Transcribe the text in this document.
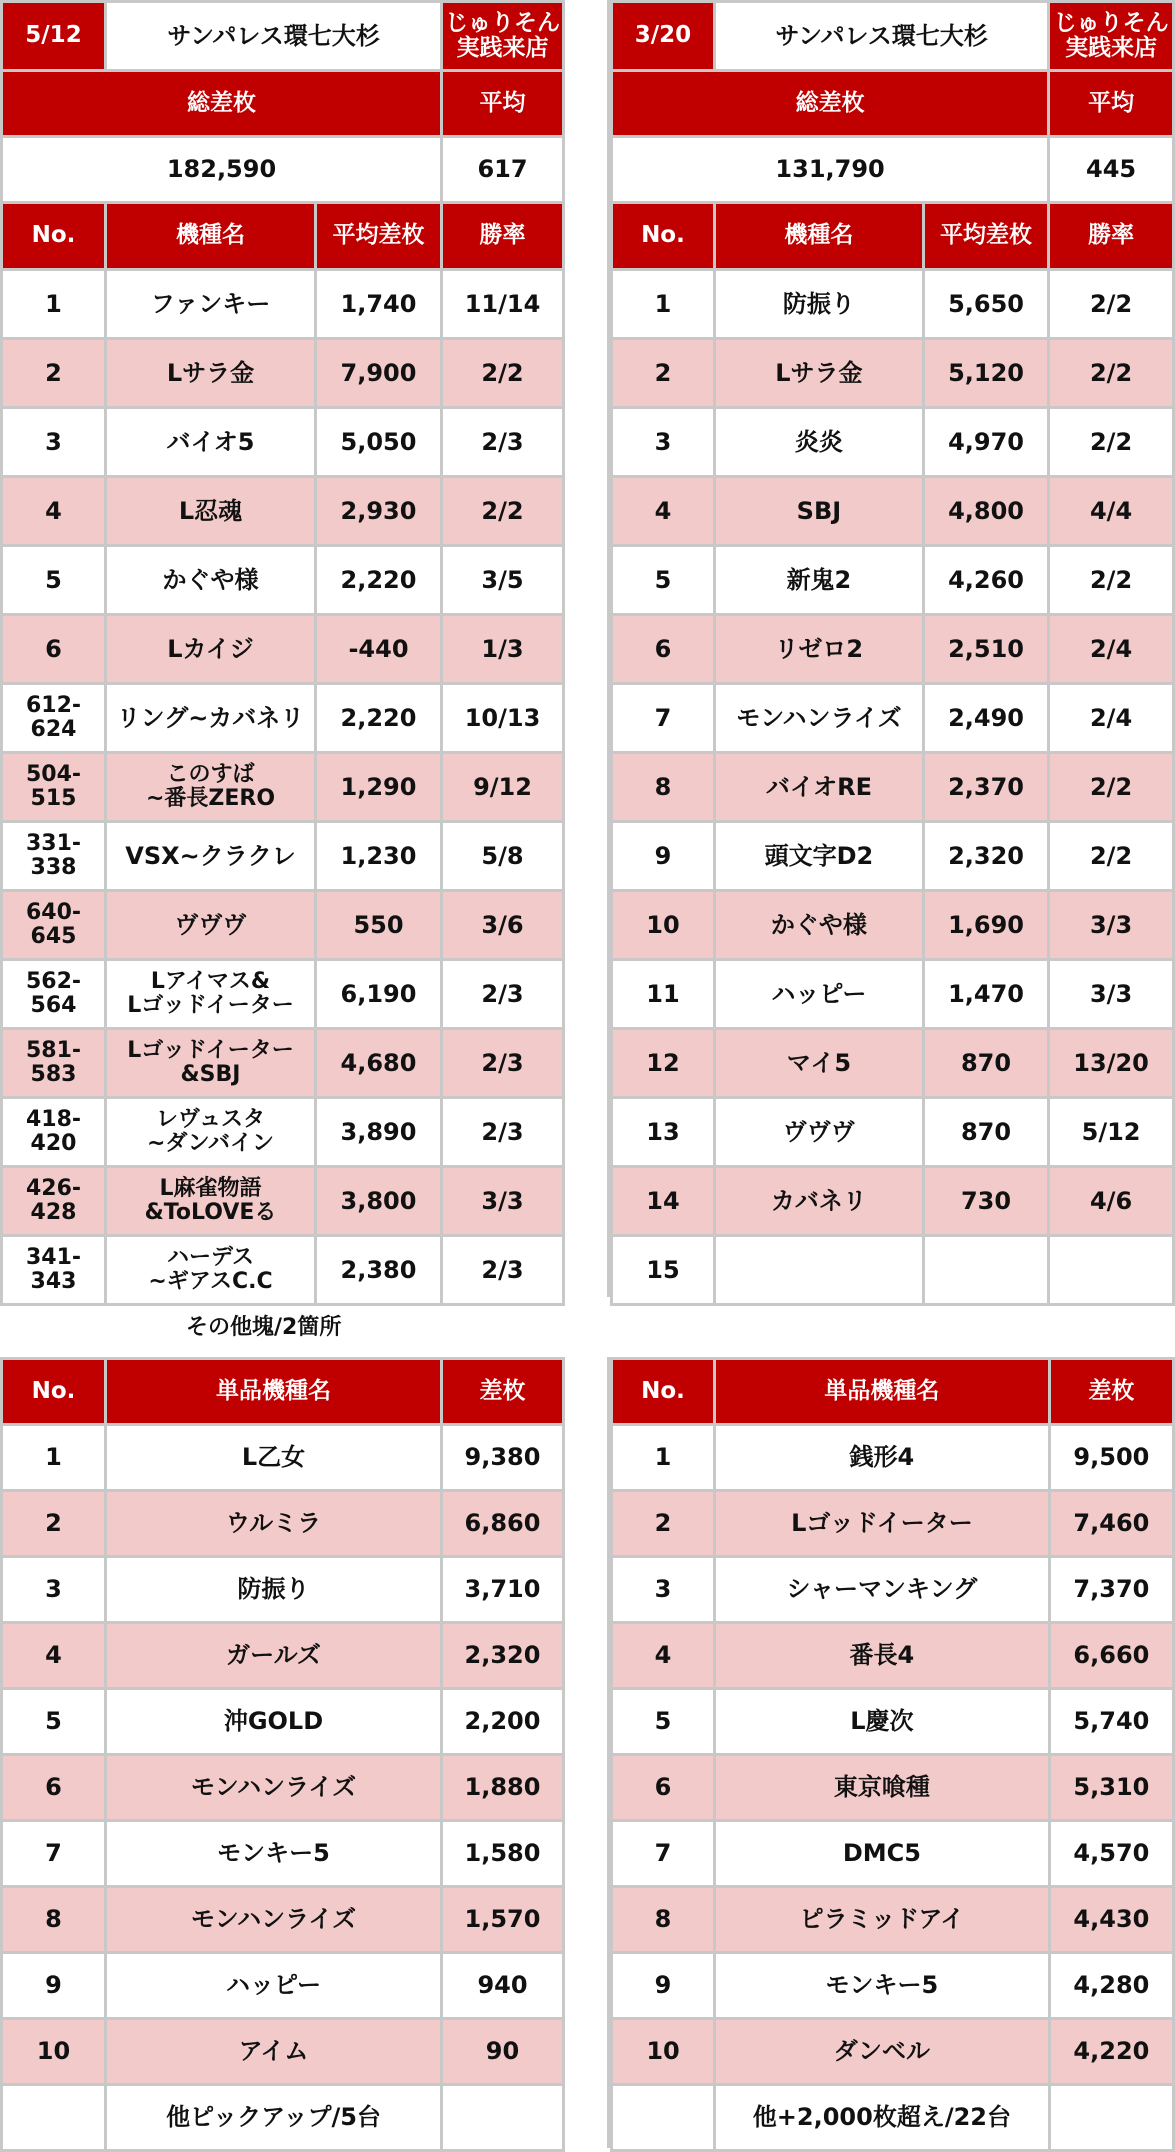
5/12	サンパレス環七大杉		じゅりそん
実践来店

総差枚			平均
182,590			617
No.	機種名	平均差枚	勝率
1	ファンキー	1,740	11/14
2	Lサラ金	7,900	2/2
3	バイオ5	5,050	2/3
4	L忍魂	2,930	2/2
5	かぐや様	2,220	3/5
6	Lカイジ	-440	1/3

612-
624	リング~カバネリ	2,220	10/13

504-
515	このすば
~番長ZERO	1,290	9/12

331-
338	VSX~クラクレ	1,230	5/8

640-
645	ヴヴヴ	550	3/6

562-
564	Lアイマス&
Lゴッドイーター	6,190	2/3

581-
583	Lゴッドイーター
&SBJ	4,680	2/3

418-
420	レヴュスタ
~ダンバイン	3,890	2/3

426-
428	L麻雀物語
&ToLOVEる	3,800	3/3

341-
343	ハーデス
~ギアスC.C	2,380	2/3
3/20	サンパレス環七大杉		じゅりそん
実践来店

総差枚			平均
131,790			445
No.	機種名	平均差枚	勝率
1	防振り	5,650	2/2
2	Lサラ金	5,120	2/2
3	炎炎	4,970	2/2
4	SBJ	4,800	4/4
5	新鬼2	4,260	2/2
6	リゼロ2	2,510	2/4
7	モンハンライズ	2,490	2/4
8	バイオRE	2,370	2/2
9	頭文字D2	2,320	2/2
10	かぐや様	1,690	3/3
11	ハッピー	1,470	3/3
12	マイ5	870	13/20
13	ヴヴヴ	870	5/12
14	カバネリ	730	4/6
15			
その他塊/2箇所
No.	単品機種名	差枚
1	L乙女	9,380
2	ウルミラ	6,860
3	防振り	3,710
4	ガールズ	2,320
5	沖GOLD	2,200
6	モンハンライズ	1,880
7	モンキー5	1,580
8	モンハンライズ	1,570
9	ハッピー	940
10	アイム	90
	他ピックアップ/5台	
No.	単品機種名	差枚
1	銭形4	9,500
2	Lゴッドイーター	7,460
3	シャーマンキング	7,370
4	番長4	6,660
5	L慶次	5,740
6	東京喰種	5,310
7	DMC5	4,570
8	ピラミッドアイ	4,430
9	モンキー5	4,280
10	ダンベル	4,220
	他+2,000枚超え/22台	
